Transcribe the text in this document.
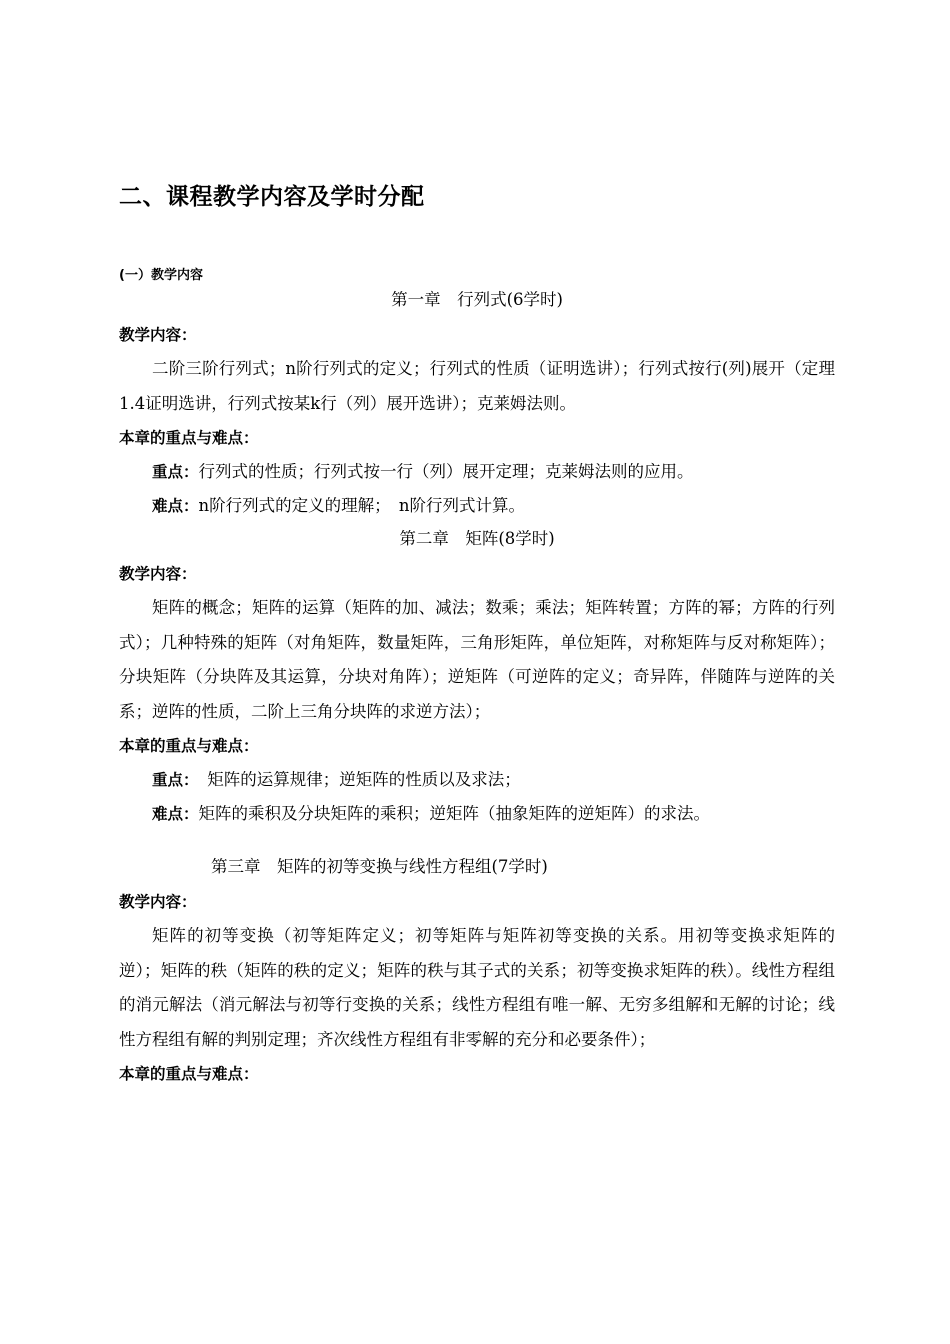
二、课程教学内容及学时分配
(一）教学内容
第一章　行列式(6学时)
教学内容：

二阶三阶行列式；n阶行列式的定义；行列式的性质（证明选讲）；行列式按行(列)展开（定理1.4证明选讲，行列式按某k行（列）展开选讲）；克莱姆法则。

本章的重点与难点：

重点：行列式的性质；行列式按一行（列）展开定理；克莱姆法则的应用。

难点：n阶行列式的定义的理解；　n阶行列式计算。

第二章　矩阵(8学时)
教学内容：

矩阵的概念；矩阵的运算（矩阵的加、减法；数乘；乘法；矩阵转置；方阵的幂；方阵的行列式）；几种特殊的矩阵（对角矩阵，数量矩阵，三角形矩阵，单位矩阵，对称矩阵与反对称矩阵）；分块矩阵（分块阵及其运算，分块对角阵）；逆矩阵（可逆阵的定义；奇异阵，伴随阵与逆阵的关系；逆阵的性质，二阶上三角分块阵的求逆方法）；

本章的重点与难点：

重点：　矩阵的运算规律；逆矩阵的性质以及求法；

难点：矩阵的乘积及分块矩阵的乘积；逆矩阵（抽象矩阵的逆矩阵）的求法。

第三章　矩阵的初等变换与线性方程组(7学时)
教学内容：

矩阵的初等变换（初等矩阵定义；初等矩阵与矩阵初等变换的关系。用初等变换求矩阵的逆）；矩阵的秩（矩阵的秩的定义；矩阵的秩与其子式的关系；初等变换求矩阵的秩）。线性方程组的消元解法（消元解法与初等行变换的关系；线性方程组有唯一解、无穷多组解和无解的讨论；线性方程组有解的判别定理；齐次线性方程组有非零解的充分和必要条件）；

本章的重点与难点：
